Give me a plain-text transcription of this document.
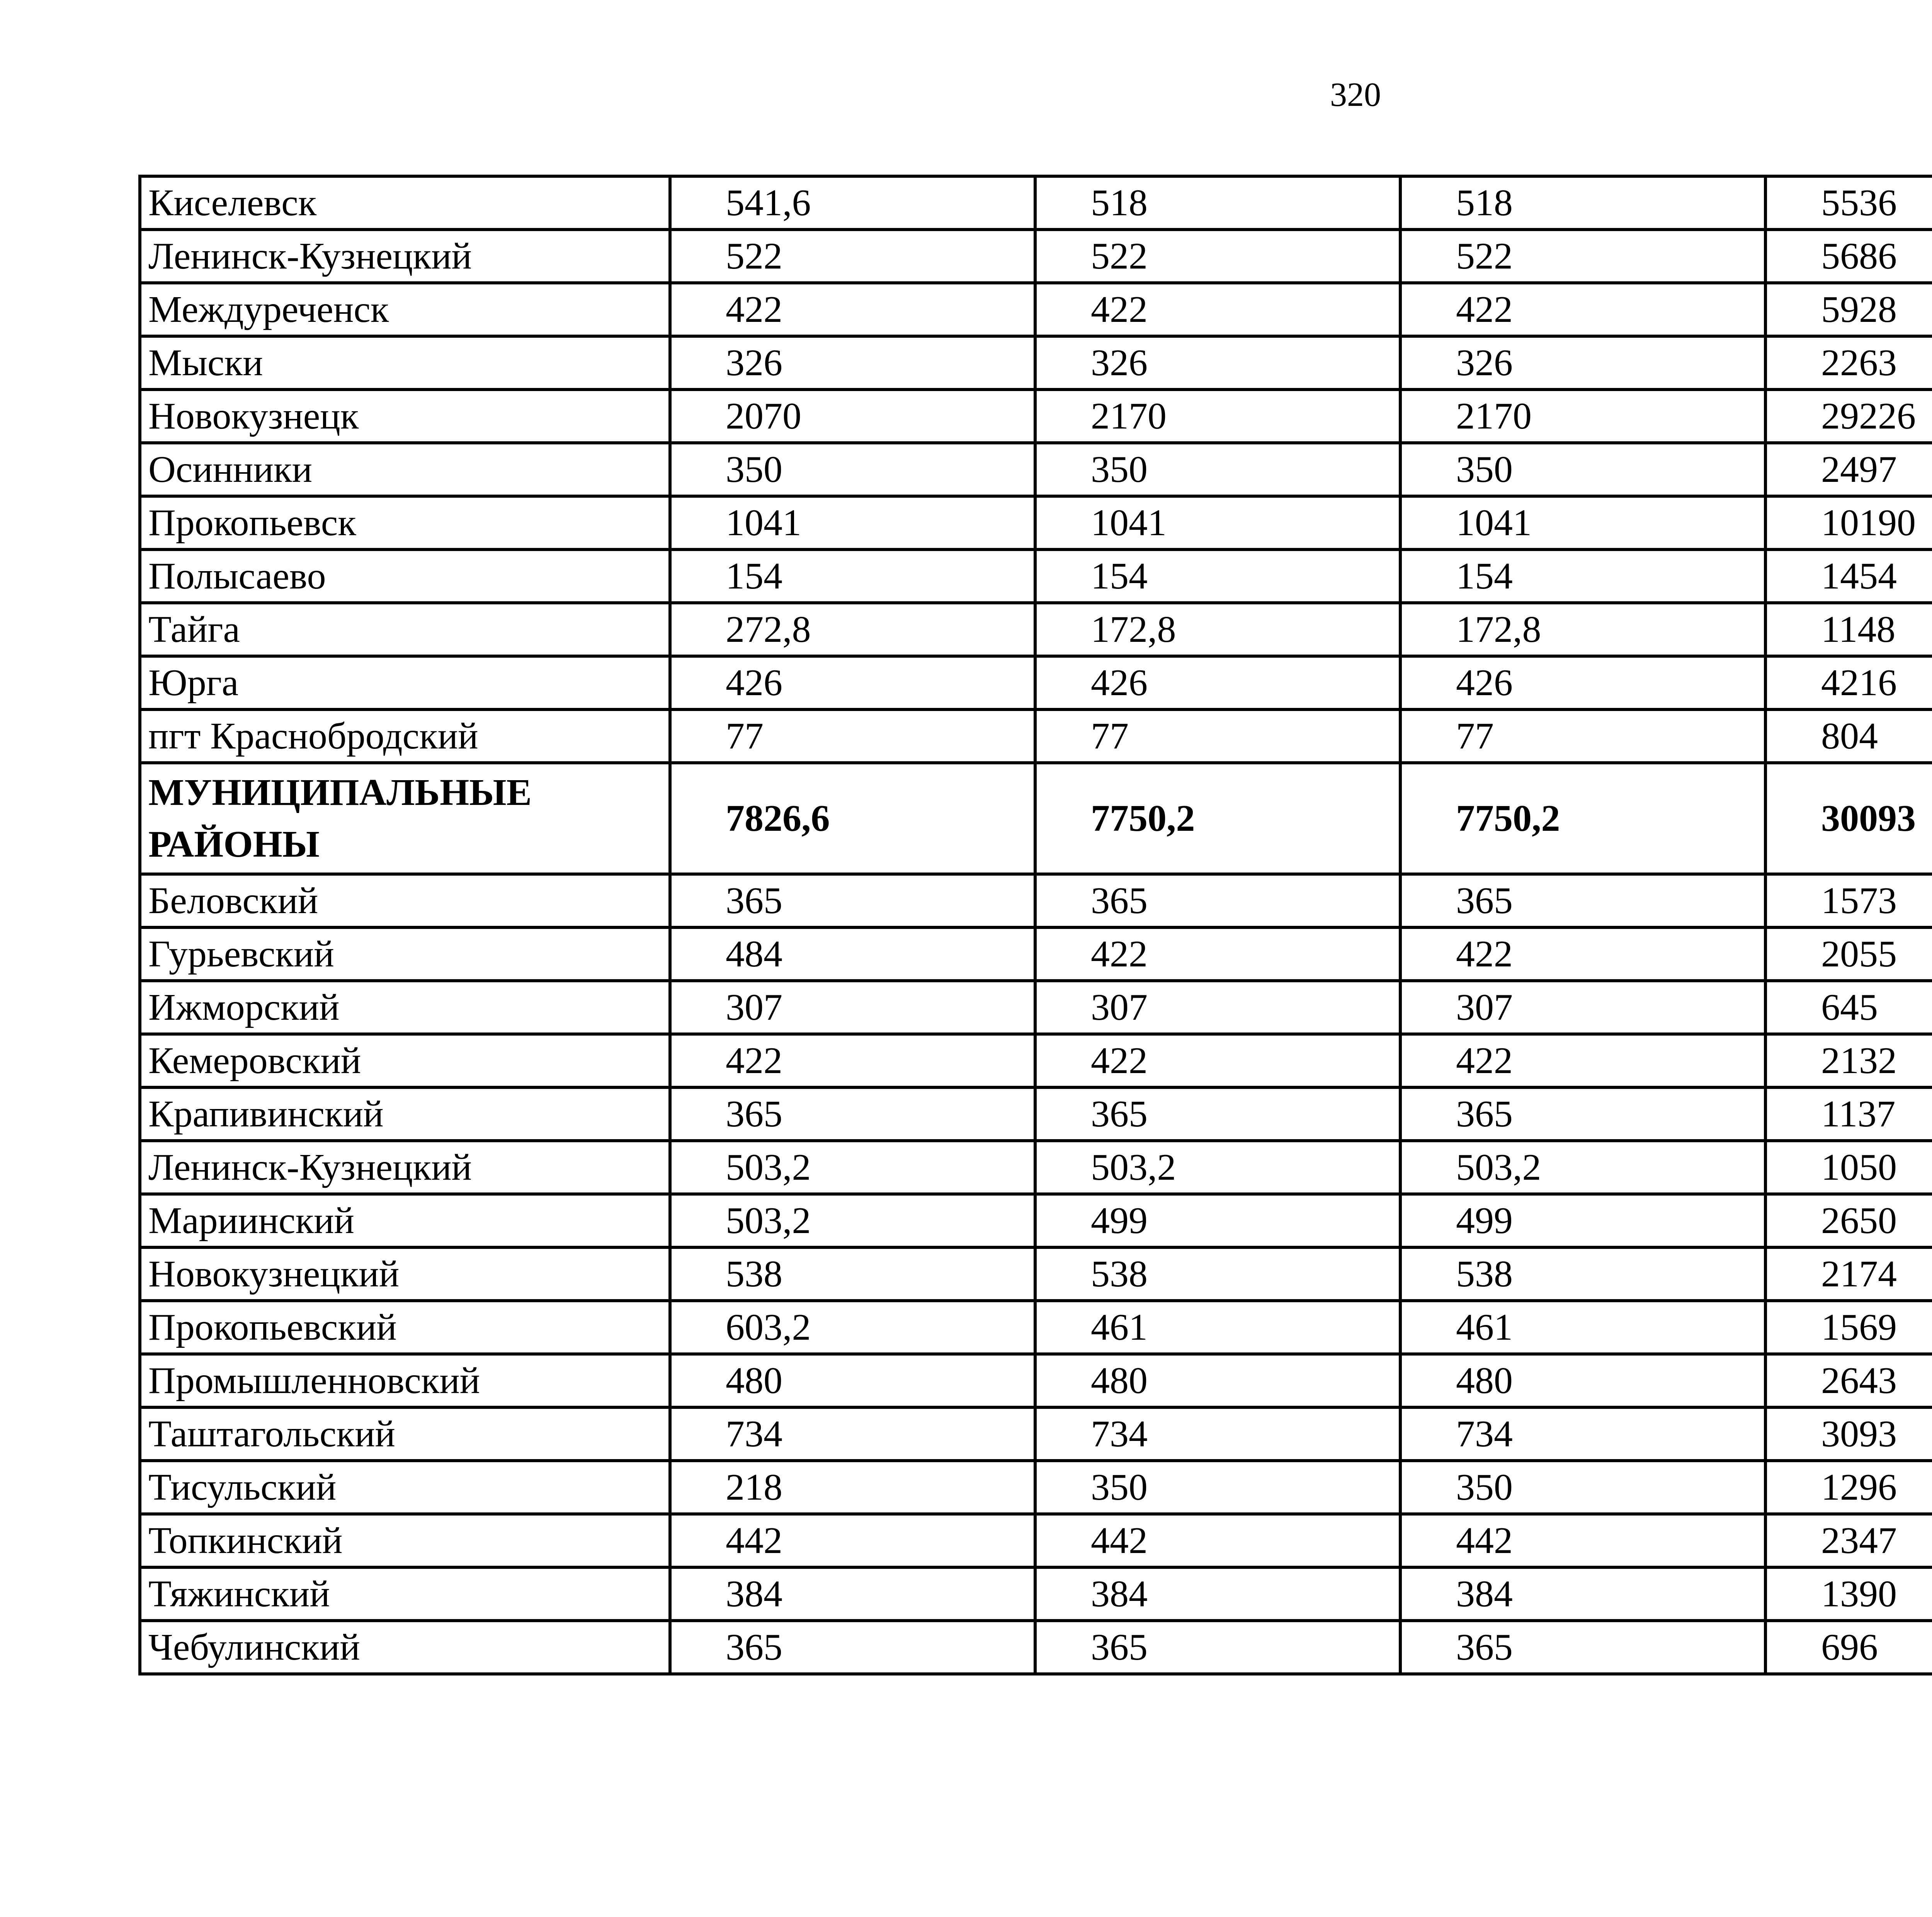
320
Киселевск	541,6	518	518	5536		
Ленинск-Кузнецкий	522	522	522	5686		
Междуреченск	422	422	422	5928		
Мыски	326	326	326	2263		
Новокузнецк	2070	2170	2170	29226		
Осинники	350	350	350	2497		
Прокопьевск	1041	1041	1041	10190		
Полысаево	154	154	154	1454		
Тайга	272,8	172,8	172,8	1148		
Юрга	426	426	426	4216		
пгт Краснобродский	77	77	77	804		
МУНИЦИПАЛЬНЫЕ РАЙОНЫ	7826,6	7750,2	7750,2	30093		
Беловский	365	365	365	1573		
Гурьевский	484	422	422	2055		
Ижморский	307	307	307	645		
Кемеровский	422	422	422	2132		
Крапивинский	365	365	365	1137		
Ленинск-Кузнецкий	503,2	503,2	503,2	1050		
Мариинский	503,2	499	499	2650		
Новокузнецкий	538	538	538	2174		
Прокопьевский	603,2	461	461	1569		
Промышленновский	480	480	480	2643		
Таштагольский	734	734	734	3093		
Тисульский	218	350	350	1296		
Топкинский	442	442	442	2347		
Тяжинский	384	384	384	1390		
Чебулинский	365	365	365	696		
